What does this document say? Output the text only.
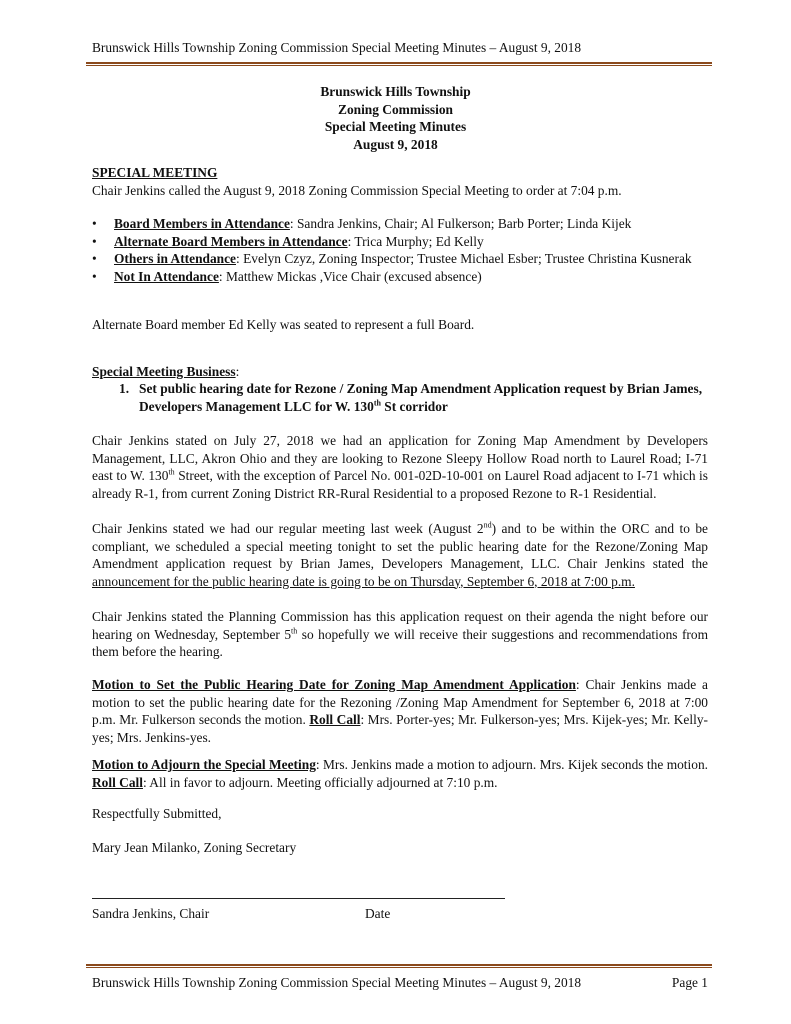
Brunswick Hills Township Zoning Commission Special Meeting Minutes – August 9, 2018
Brunswick Hills Township
Zoning Commission
Special Meeting Minutes
August 9, 2018
SPECIAL MEETING
Chair Jenkins called the August 9, 2018 Zoning Commission Special Meeting to order at 7:04 p.m.
• Board Members in Attendance: Sandra Jenkins, Chair; Al Fulkerson; Barb Porter; Linda Kijek
• Alternate Board Members in Attendance: Trica Murphy; Ed Kelly
• Others in Attendance: Evelyn Czyz, Zoning Inspector; Trustee Michael Esber; Trustee Christina Kusnerak
• Not In Attendance: Matthew Mickas ,Vice Chair (excused absence)
Alternate Board member Ed Kelly was seated to represent a full Board.
Special Meeting Business:
1. Set public hearing date for Rezone / Zoning Map Amendment Application request by Brian James, Developers Management LLC for W. 130th St corridor
Chair Jenkins stated on July 27, 2018 we had an application for Zoning Map Amendment by Developers Management, LLC, Akron Ohio and they are looking to Rezone Sleepy Hollow Road north to Laurel Road; I-71 east to W. 130th Street, with the exception of Parcel No. 001-02D-10-001 on Laurel Road adjacent to I-71 which is already R-1, from current Zoning District RR-Rural Residential to a proposed Rezone to R-1 Residential.
Chair Jenkins stated we had our regular meeting last week (August 2nd) and to be within the ORC and to be compliant, we scheduled a special meeting tonight to set the public hearing date for the Rezone/Zoning Map Amendment application request by Brian James, Developers Management, LLC. Chair Jenkins stated the announcement for the public hearing date is going to be on Thursday, September 6, 2018 at 7:00 p.m.
Chair Jenkins stated the Planning Commission has this application request on their agenda the night before our hearing on Wednesday, September 5th so hopefully we will receive their suggestions and recommendations from them before the hearing.
Motion to Set the Public Hearing Date for Zoning Map Amendment Application: Chair Jenkins made a motion to set the public hearing date for the Rezoning /Zoning Map Amendment for September 6, 2018 at 7:00 p.m. Mr. Fulkerson seconds the motion. Roll Call: Mrs. Porter-yes; Mr. Fulkerson-yes; Mrs. Kijek-yes; Mr. Kelly-yes; Mrs. Jenkins-yes.
Motion to Adjourn the Special Meeting: Mrs. Jenkins made a motion to adjourn. Mrs. Kijek seconds the motion. Roll Call: All in favor to adjourn. Meeting officially adjourned at 7:10 p.m.
Respectfully Submitted,
Mary Jean Milanko, Zoning Secretary
Sandra Jenkins, Chair	Date
Brunswick Hills Township Zoning Commission Special Meeting Minutes – August 9, 2018	Page 1
